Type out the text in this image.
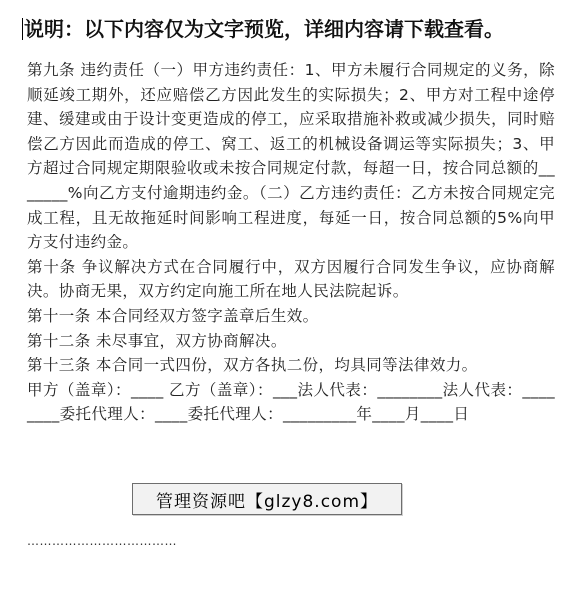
说明：以下内容仅为文字预览，详细内容请下载查看。

第九条 违约责任（一）甲方违约责任：1、甲方未履行合同规定的义务，除顺延竣工期外，还应赔偿乙方因此发生的实际损失；2、甲方对工程中途停建、缓建或由于设计变更造成的停工，应采取措施补救或减少损失，同时赔偿乙方因此而造成的停工、窝工、返工的机械设备调运等实际损失；3、甲方超过合同规定期限验收或未按合同规定付款，每超一日，按合同总额的_______%向乙方支付逾期违约金。（二）乙方违约责任：乙方未按合同规定完成工程，且无故拖延时间影响工程进度，每延一日，按合同总额的5%向甲方支付违约金。

第十条 争议解决方式在合同履行中，双方因履行合同发生争议，应协商解决。协商无果，双方约定向施工所在地人民法院起诉。

第十一条 本合同经双方签字盖章后生效。

第十二条 未尽事宜，双方协商解决。

第十三条 本合同一式四份，双方各执二份，均具同等法律效力。

甲方（盖章）：____ 乙方（盖章）：___法人代表：________法人代表：________委托代理人：____委托代理人：_________年____月____日

………………………………
管理资源吧【glzy8.com】
